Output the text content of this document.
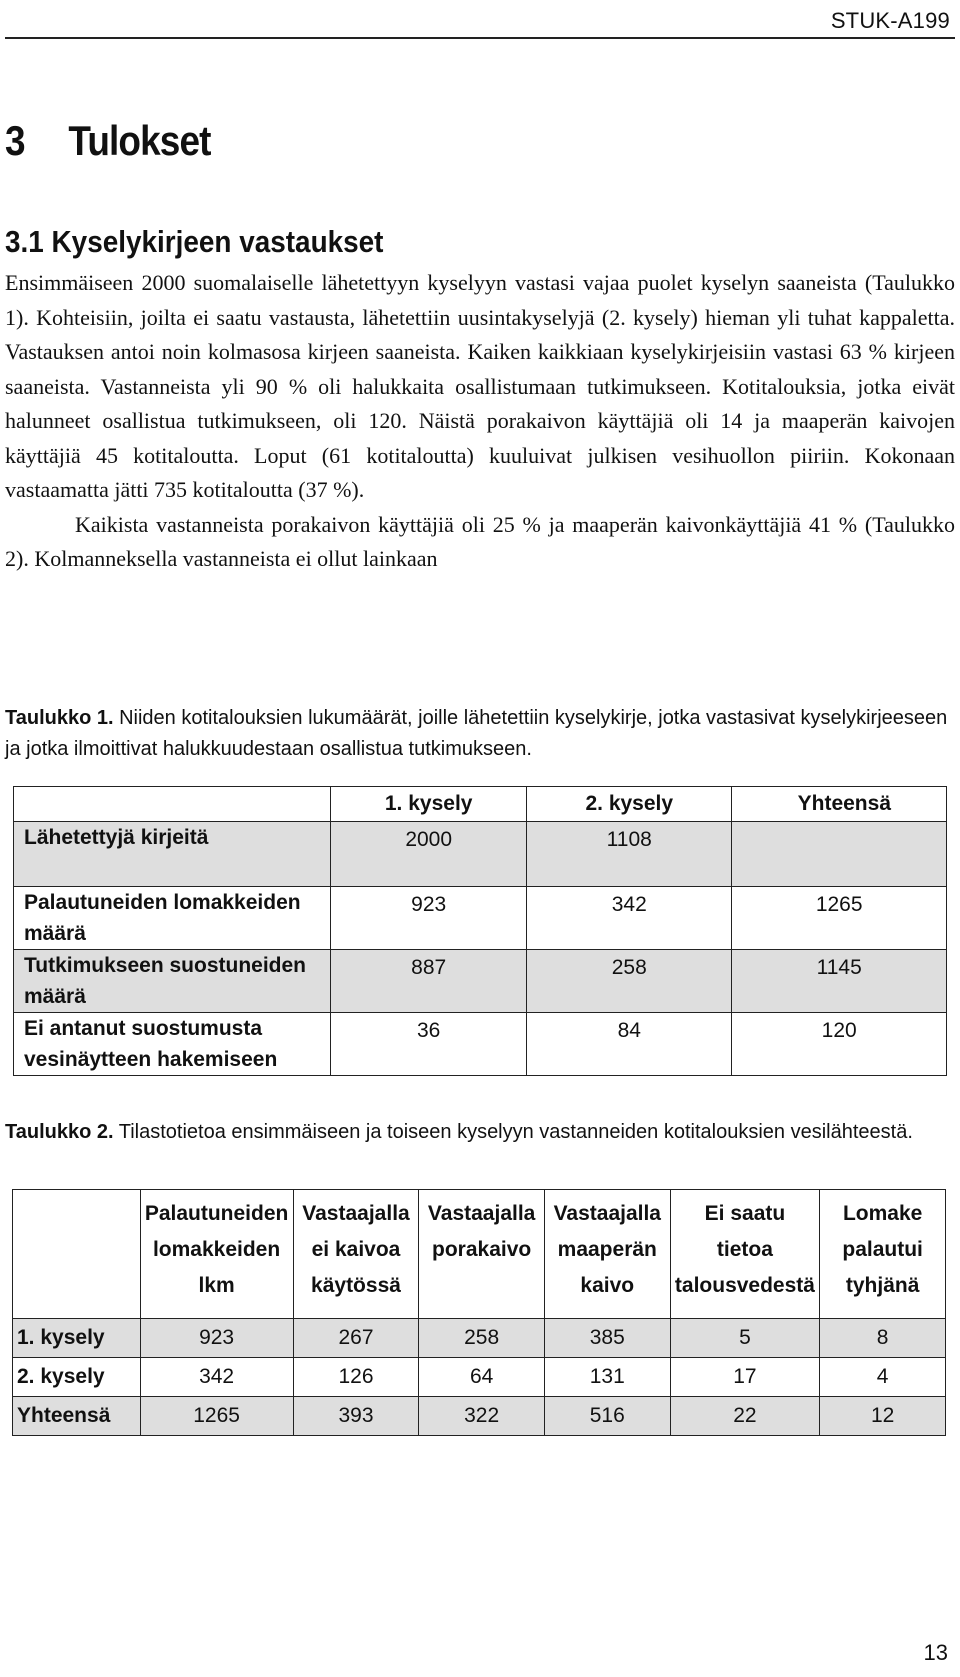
STUK-A199
3 Tulokset
3.1 Kyselykirjeen vastaukset

Ensimmäiseen 2000 suomalaiselle lähetettyyn kyselyyn vastasi vajaa puolet kyselyn saaneista (Taulukko 1). Kohteisiin, joilta ei saatu vastausta, lähetettiin uusintakyselyjä (2. kysely) hieman yli tuhat kappaletta. Vastauksen antoi noin kolmasosa kirjeen saaneista. Kaiken kaikkiaan kyselykirjeisiin vastasi 63 % kirjeen saaneista. Vastanneista yli 90 % oli halukkaita osallistumaan tutkimukseen. Kotitalouksia, jotka eivät halunneet osallistua tutkimukseen, oli 120. Näistä porakaivon käyttäjiä oli 14 ja maaperän kaivojen käyttäjiä 45 kotitaloutta. Loput (61 kotitaloutta) kuuluivat julkisen vesihuollon piiriin. Kokonaan vastaamatta jätti 735 kotitaloutta (37 %).

Kaikista vastanneista porakaivon käyttäjiä oli 25 % ja maaperän kaivonkäyttäjiä 41 % (Taulukko 2). Kolmanneksella vastanneista ei ollut lainkaan

Taulukko 1. Niiden kotitalouksien lukumäärät, joille lähetettiin kyselykirje, jotka vastasivat kyselykirjeeseen ja jotka ilmoittivat halukkuudestaan osallistua tutkimukseen.
	1. kysely	2. kysely	Yhteensä
Lähetettyjä kirjeitä	2000	1108	
Palautuneiden lomakkeiden määrä	923	342	1265
Tutkimukseen suostuneiden määrä	887	258	1145
Ei antanut suostumusta vesinäytteen hakemiseen	36	84	120
Taulukko 2. Tilastotietoa ensimmäiseen ja toiseen kyselyyn vastanneiden kotitalouksien vesilähteestä.
	Palautuneiden lomakkeiden lkm	Vastaajalla ei kaivoa käytössä	Vastaajalla porakaivo	Vastaajalla maaperän kaivo	Ei saatu tietoa talousvedestä	Lomake palautui tyhjänä
1. kysely	923	267	258	385	5	8
2. kysely	342	126	64	131	17	4
Yhteensä	1265	393	322	516	22	12
13
